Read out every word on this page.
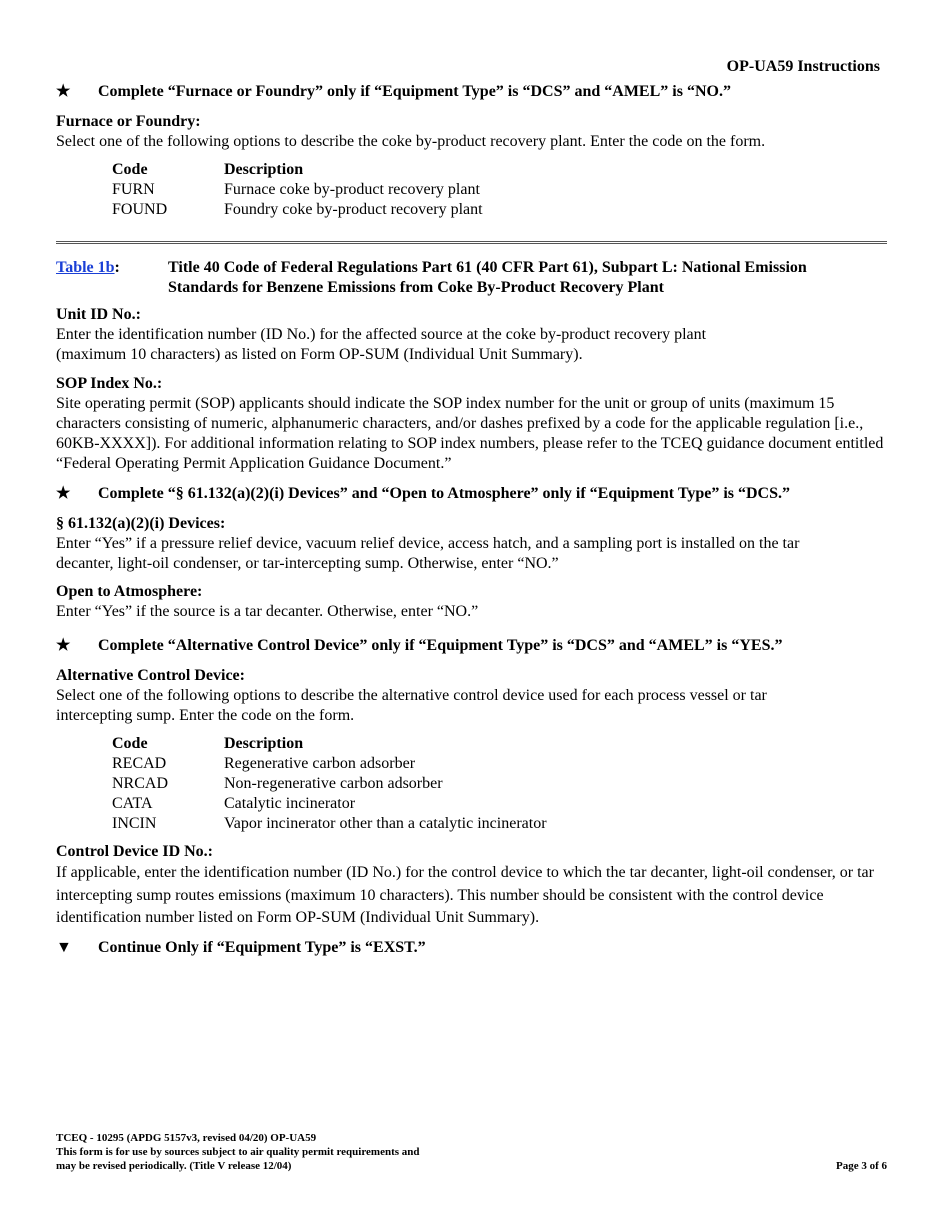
OP-UA59 Instructions
★	Complete “Furnace or Foundry” only if “Equipment Type” is “DCS” and “AMEL” is “NO.”
Furnace or Foundry:

Select one of the following options to describe the coke by-product recovery plant. Enter the code on the form.

Code	Description
FURN	Furnace coke by-product recovery plant
FOUND	Foundry coke by-product recovery plant
Table 1b:	Title 40 Code of Federal Regulations Part 61 (40 CFR Part 61), Subpart L: National Emission Standards for Benzene Emissions from Coke By-Product Recovery Plant
Unit ID No.:
Enter the identification number (ID No.) for the affected source at the coke by-product recovery plant
(maximum 10 characters) as listed on Form OP-SUM (Individual Unit Summary).
SOP Index No.:

Site operating permit (SOP) applicants should indicate the SOP index number for the unit or group of units (maximum 15 characters consisting of numeric, alphanumeric characters, and/or dashes prefixed by a code for the applicable regulation [i.e., 60KB-XXXX]). For additional information relating to SOP index numbers, please refer to the TCEQ guidance document entitled “Federal Operating Permit Application Guidance Document.”

★	Complete “§ 61.132(a)(2)(i) Devices” and “Open to Atmosphere” only if “Equipment Type” is “DCS.”
§ 61.132(a)(2)(i) Devices:

Enter “Yes” if a pressure relief device, vacuum relief device, access hatch, and a sampling port is installed on the tar decanter, light-oil condenser, or tar-intercepting sump. Otherwise, enter “NO.”

Open to Atmosphere:

Enter “Yes” if the source is a tar decanter. Otherwise, enter “NO.”

★	Complete “Alternative Control Device” only if “Equipment Type” is “DCS” and “AMEL” is “YES.”
Alternative Control Device:

Select one of the following options to describe the alternative control device used for each process vessel or tar intercepting sump. Enter the code on the form.

Code	Description
RECAD	Regenerative carbon adsorber
NRCAD	Non-regenerative carbon adsorber
CATA	Catalytic incinerator
INCIN	Vapor incinerator other than a catalytic incinerator
Control Device ID No.:

If applicable, enter the identification number (ID No.) for the control device to which the tar decanter, light-oil condenser, or tar intercepting sump routes emissions (maximum 10 characters). This number should be consistent with the control device identification number listed on Form OP-SUM (Individual Unit Summary).

▼	Continue Only if “Equipment Type” is “EXST.”
TCEQ - 10295 (APDG 5157v3, revised 04/20) OP-UA59
This form is for use by sources subject to air quality permit requirements and
may be revised periodically. (Title V release 12/04)	Page 3 of 6
